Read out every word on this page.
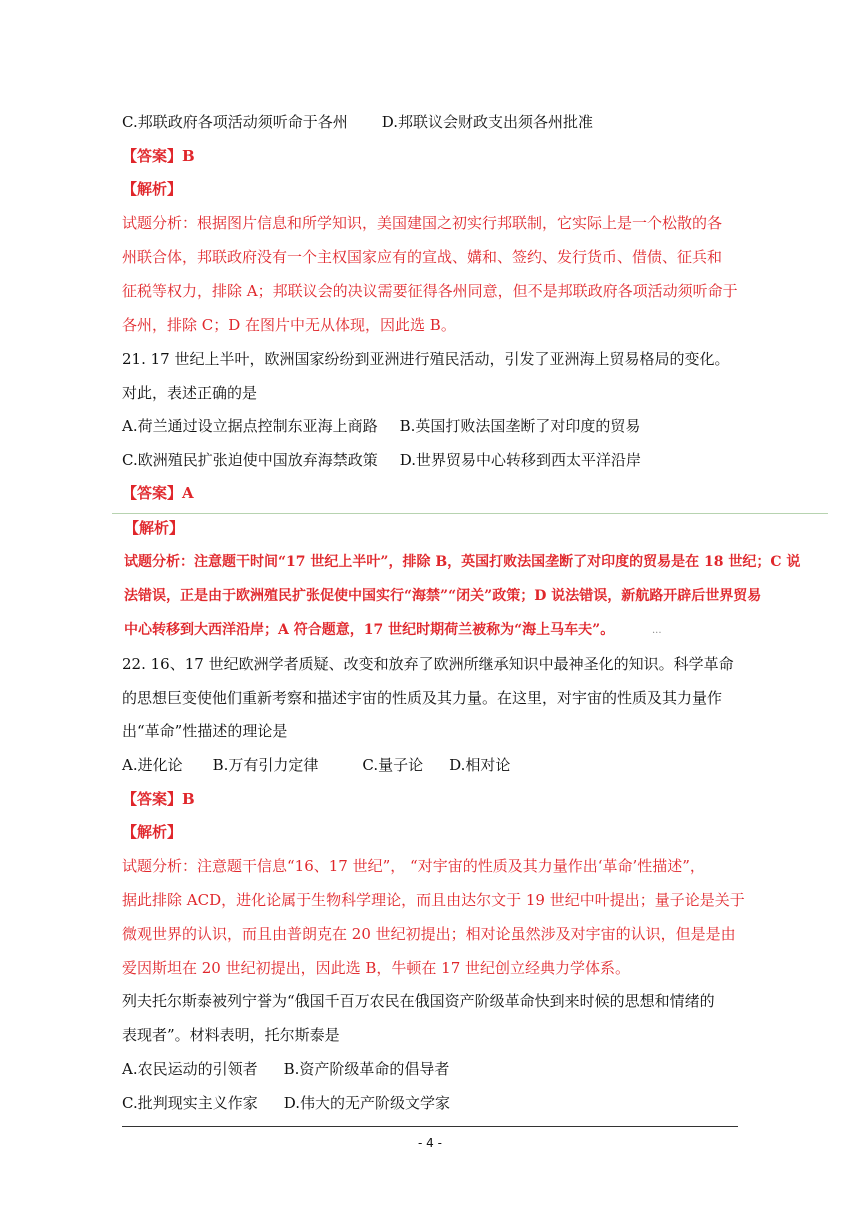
C.邦联政府各项活动须听命于各州 D.邦联议会财政支出须各州批准
【答案】B
【解析】
试题分析：根据图片信息和所学知识，美国建国之初实行邦联制，它实际上是一个松散的各
州联合体，邦联政府没有一个主权国家应有的宣战、媾和、签约、发行货币、借债、征兵和
征税等权力，排除 A；邦联议会的决议需要征得各州同意，但不是邦联政府各项活动须听命于
各州，排除 C；D 在图片中无从体现，因此选 B。
21. 17 世纪上半叶，欧洲国家纷纷到亚洲进行殖民活动，引发了亚洲海上贸易格局的变化。
对此，表述正确的是
A.荷兰通过设立据点控制东亚海上商路 B.英国打败法国垄断了对印度的贸易
C.欧洲殖民扩张迫使中国放弃海禁政策 D.世界贸易中心转移到西太平洋沿岸
【答案】A
【解析】
试题分析：注意题干时间“17 世纪上半叶”，排除 B，英国打败法国垄断了对印度的贸易是在 18 世纪；C 说
法错误，正是由于欧洲殖民扩张促使中国实行“海禁”“闭关”政策；D 说法错误，新航路开辟后世界贸易
中心转移到大西洋沿岸；A 符合题意，17 世纪时期荷兰被称为“海上马车夫”。	...
22. 16、17 世纪欧洲学者质疑、改变和放弃了欧洲所继承知识中最神圣化的知识。科学革命
的思想巨变使他们重新考察和描述宇宙的性质及其力量。在这里，对宇宙的性质及其力量作
出“革命”性描述的理论是
A.进化论 B.万有引力定律	C.量子论 D.相对论
【答案】B
【解析】
试题分析：注意题干信息“16、17 世纪”， “对宇宙的性质及其力量作出‘革命’性描述”，
据此排除 ACD，进化论属于生物科学理论，而且由达尔文于 19 世纪中叶提出；量子论是关于
微观世界的认识，而且由普朗克在 20 世纪初提出；相对论虽然涉及对宇宙的认识，但是是由
爱因斯坦在 20 世纪初提出，因此选 B，牛顿在 17 世纪创立经典力学体系。
列夫托尔斯泰被列宁誉为“俄国千百万农民在俄国资产阶级革命快到来时候的思想和情绪的
表现者”。材料表明，托尔斯泰是
A.农民运动的引领者 B.资产阶级革命的倡导者
C.批判现实主义作家 D.伟大的无产阶级文学家
- 4 -
